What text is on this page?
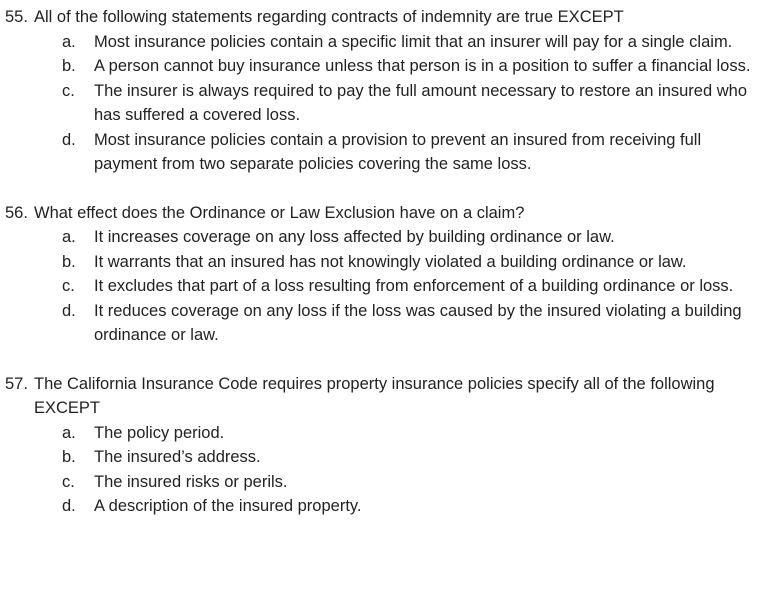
55. All of the following statements regarding contracts of indemnity are true EXCEPT
a. Most insurance policies contain a specific limit that an insurer will pay for a single claim.
b. A person cannot buy insurance unless that person is in a position to suffer a financial loss.
c. The insurer is always required to pay the full amount necessary to restore an insured who has suffered a covered loss.
d. Most insurance policies contain a provision to prevent an insured from receiving full payment from two separate policies covering the same loss.
56. What effect does the Ordinance or Law Exclusion have on a claim?
a. It increases coverage on any loss affected by building ordinance or law.
b. It warrants that an insured has not knowingly violated a building ordinance or law.
c. It excludes that part of a loss resulting from enforcement of a building ordinance or loss.
d. It reduces coverage on any loss if the loss was caused by the insured violating a building ordinance or law.
57. The California Insurance Code requires property insurance policies specify all of the following EXCEPT
a. The policy period.
b. The insured’s address.
c. The insured risks or perils.
d. A description of the insured property.
